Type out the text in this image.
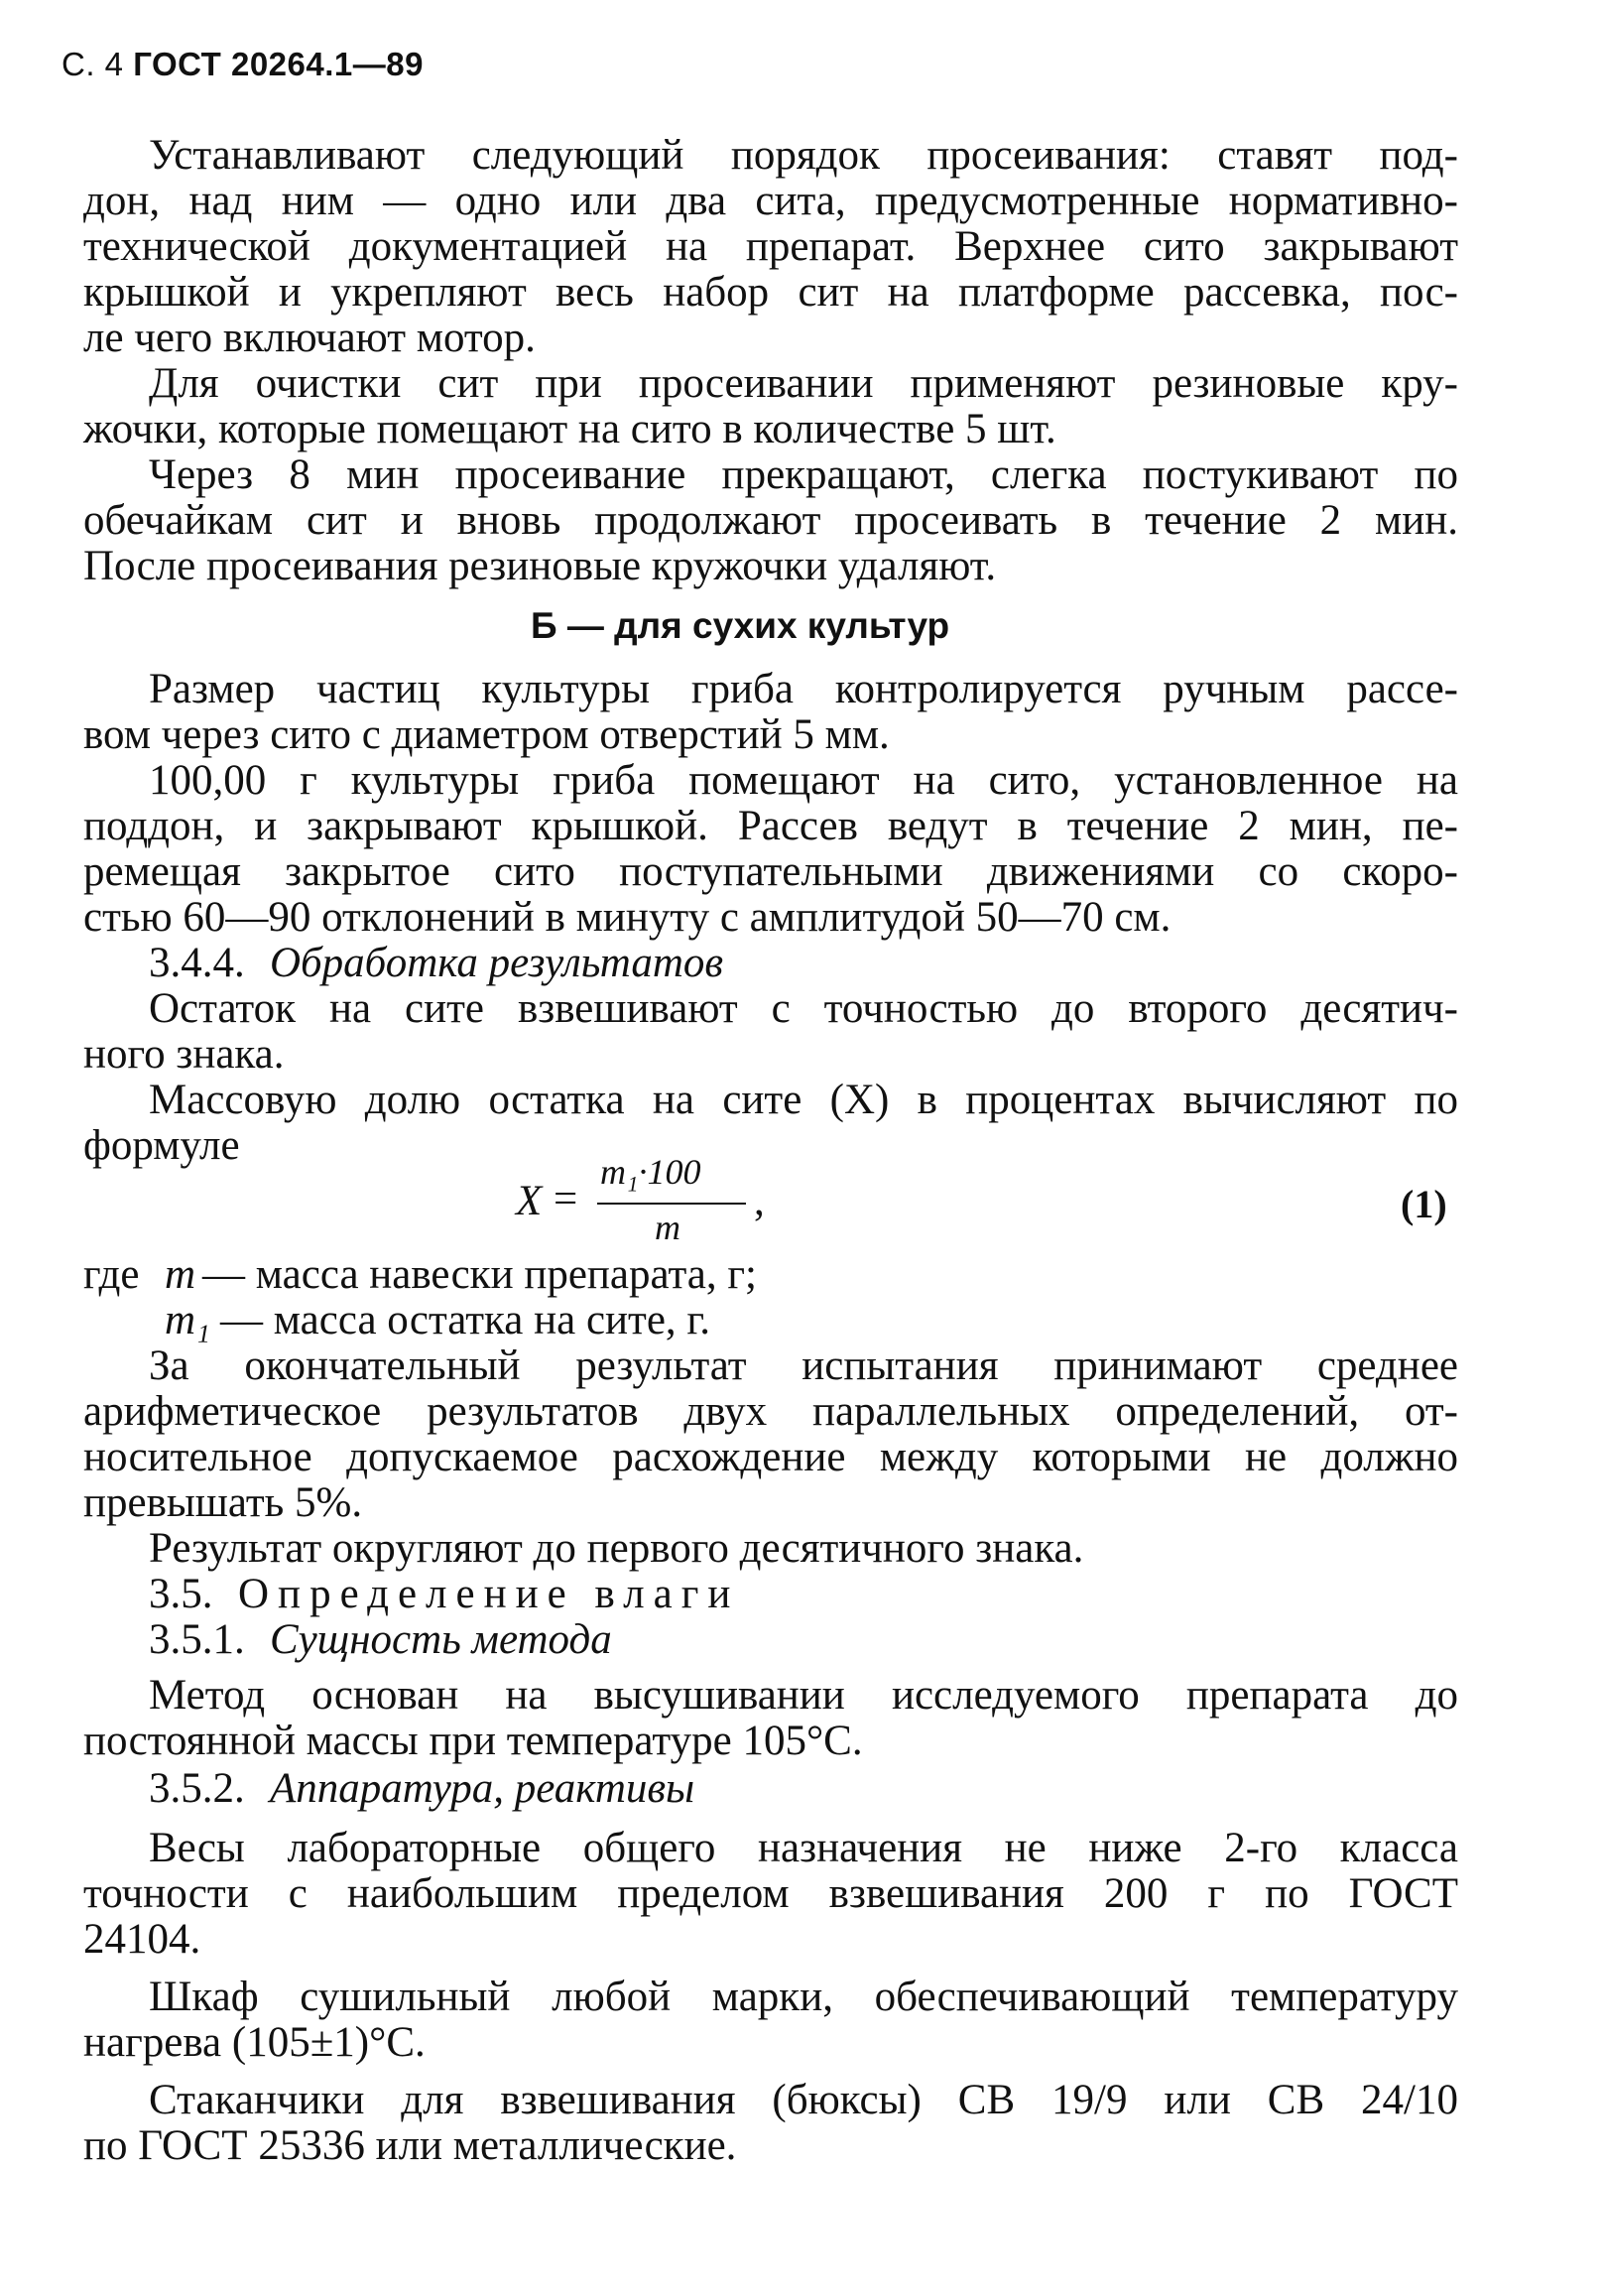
С. 4 ГОСТ 20264.1—89
Устанавливают следующий порядок просеивания: ставят под-
дон, над ним — одно или два сита, предусмотренные нормативно-
технической документацией на препарат. Верхнее сито закрывают
крышкой и укрепляют весь набор сит на платформе рассевка, пос-
ле чего включают мотор.
Для очистки сит при просеивании применяют резиновые кру-
жочки, которые помещают на сито в количестве 5 шт.
Через 8 мин просеивание прекращают, слегка постукивают по
обечайкам сит и вновь продолжают просеивать в течение 2 мин.
После просеивания резиновые кружочки удаляют.
Б — для сухих культур
Размер частиц культуры гриба контролируется ручным рассе-
вом через сито с диаметром отверстий 5 мм.
100,00 г культуры гриба помещают на сито, установленное на
поддон, и закрывают крышкой. Рассев ведут в течение 2 мин, пе-
ремещая закрытое сито поступательными движениями со скоро-
стью 60—90 отклонений в минуту с амплитудой 50—70 см.
3.4.4. Обработка результатов
Остаток на сите взвешивают с точностью до второго десятич-
ного знака.
Массовую долю остатка на сите (X) в процентах вычисляют по
формуле
X =
m₁·100
m
,	(1)
где m — масса навески препарата, г;
m₁ — масса остатка на сите, г.
За окончательный результат испытания принимают среднее
арифметическое результатов двух параллельных определений, от-
носительное допускаемое расхождение между которыми не должно
превышать 5%.
Результат округляют до первого десятичного знака.
3.5. Определение влаги
3.5.1. Сущность метода
Метод основан на высушивании исследуемого препарата до
постоянной массы при температуре 105°С.
3.5.2. Аппаратура, реактивы
Весы лабораторные общего назначения не ниже 2-го класса
точности с наибольшим пределом взвешивания 200 г по ГОСТ
24104.
Шкаф сушильный любой марки, обеспечивающий температуру
нагрева (105±1)°С.
Стаканчики для взвешивания (бюксы) СВ 19/9 или СВ 24/10
по ГОСТ 25336 или металлические.
